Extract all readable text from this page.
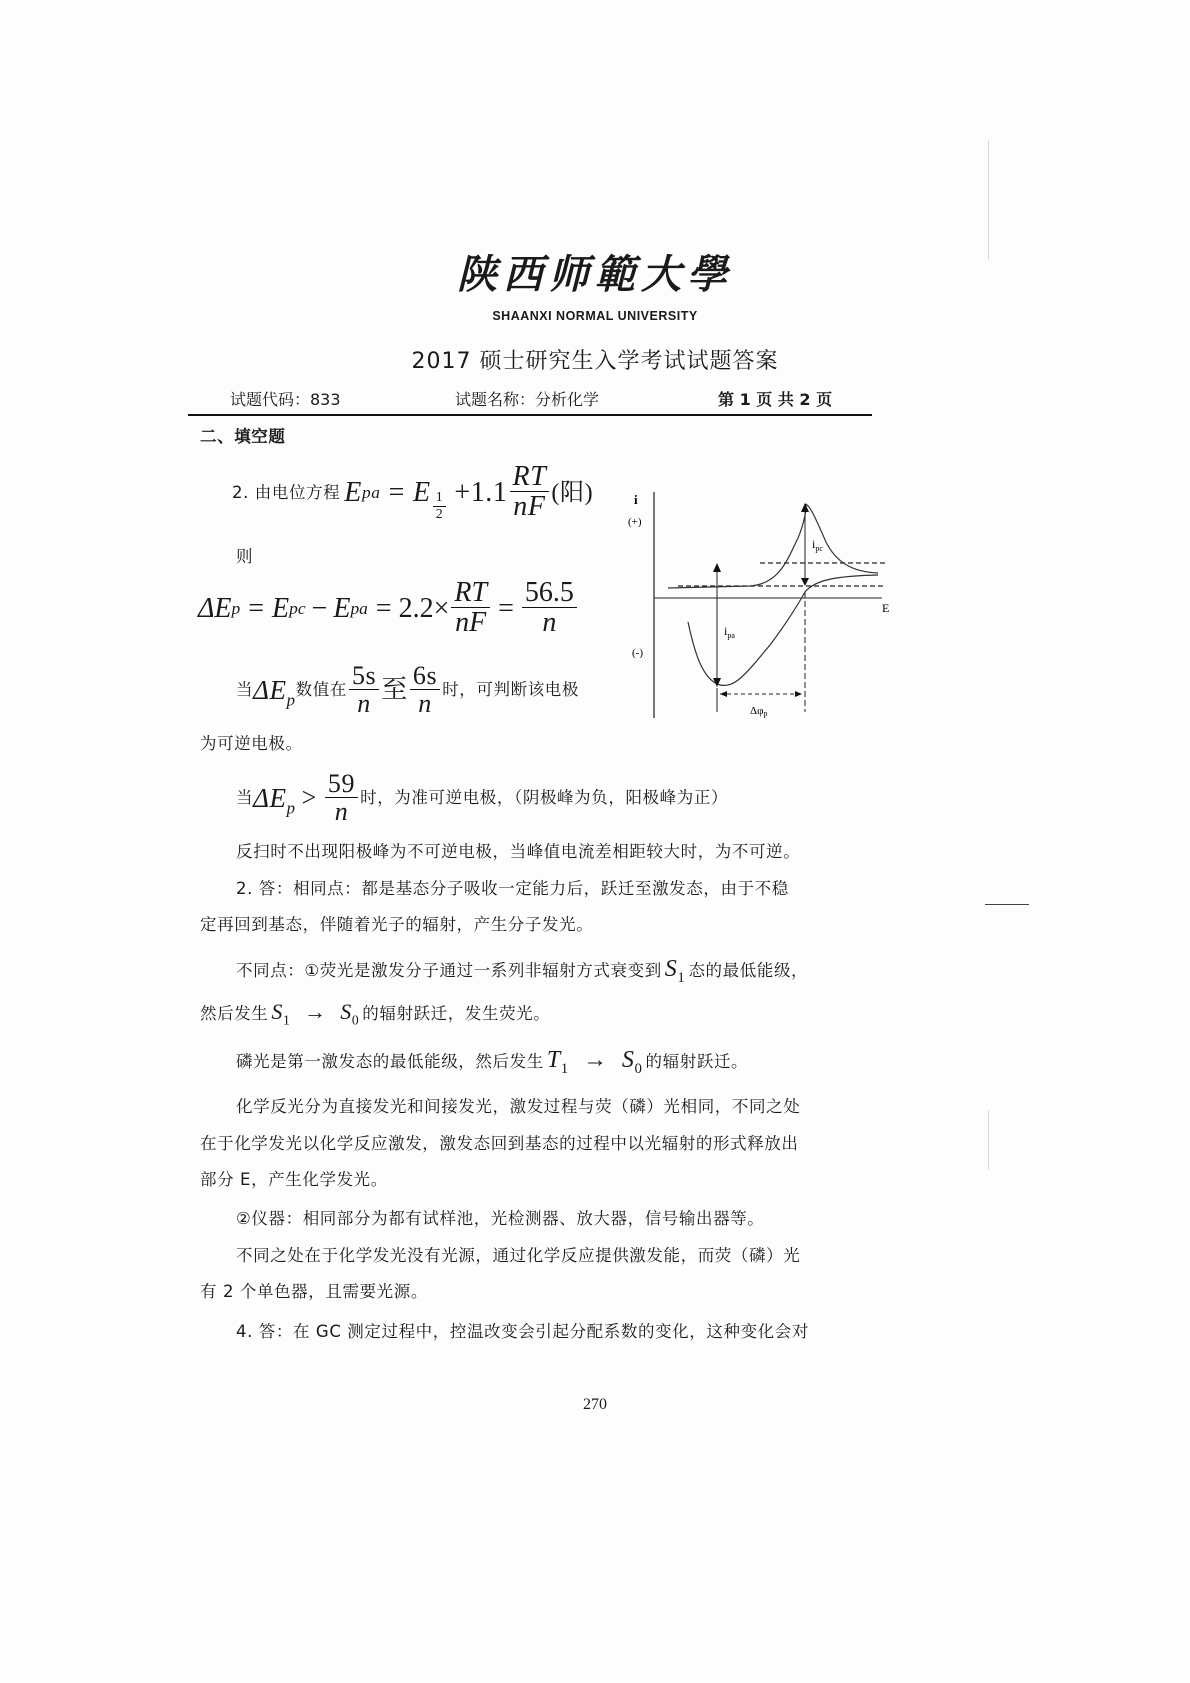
陕西师範大學
SHAANXI NORMAL UNIVERSITY
2017 硕士研究生入学考试试题答案
试题代码：833	试题名称：分析化学	第 1 页 共 2 页
二、填空题
2. 由电位方程 E pa = E $\frac{1}{2} +1.1 \frac{RT}{nF}$ (阳)
则
ΔE p = E pc − E pa = $2.2\times \frac{RT}{nF} = \frac{56.5}{n}$
当 $\Delta E_p$
数值在 $\frac{5s}{n}$ 至 $\frac{6s}{n}$ 时，可判断该电极
为可逆电极。
当 $\Delta E_p > \frac{59}{n}$ 时，为准可逆电极，（阴极峰为负，阳极峰为正）
反扫时不出现阳极峰为不可逆电极，当峰值电流差相距较大时，为不可逆。
i
(+)
(-)
E
$i_{pc}$
$i_{pa}$
Δφp
2. 答：相同点：都是基态分子吸收一定能力后，跃迁至激发态，由于不稳
定再回到基态，伴随着光子的辐射，产生分子发光。
不同点：①荧光是激发分子通过一系列非辐射方式衰变到 $S_1$ 态的最低能级，
然后发生 $S_1 \to S_0$ 的辐射跃迁，发生荧光。
磷光是第一激发态的最低能级，然后发生 $T_1 \to S_0$ 的辐射跃迁。
化学反光分为直接发光和间接发光，激发过程与荧（磷）光相同，不同之处
在于化学发光以化学反应激发，激发态回到基态的过程中以光辐射的形式释放出
部分 E，产生化学发光。
②仪器：相同部分为都有试样池，光检测器、放大器，信号输出器等。
不同之处在于化学发光没有光源，通过化学反应提供激发能，而荧（磷）光
有 2 个单色器，且需要光源。
4. 答：在 GC 测定过程中，控温改变会引起分配系数的变化，这种变化会对
270
